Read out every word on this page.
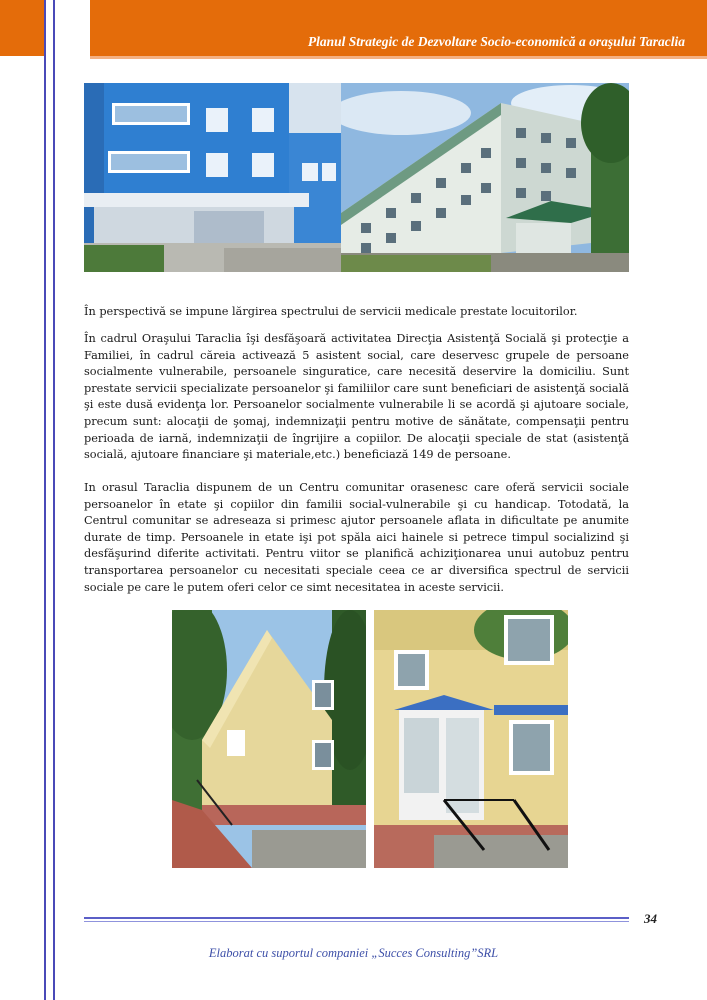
Planul Strategic de Dezvoltare Socio-economică a oraşului Taraclia

În perspectivă se impune lărgirea spectrului de servicii medicale prestate locuitorilor.

În cadrul Oraşului Taraclia îşi desfăşoară activitatea Direcţia Asistenţă Socială şi protecţie a Familiei, în cadrul căreia activează 5 asistent social, care deservesc grupele de persoane socialmente vulnerabile, persoanele singuratice, care necesită deservire la domiciliu. Sunt prestate servicii specializate persoanelor şi familiilor care sunt beneficiari de asistenţă socială şi este dusă evidenţa lor. Persoanelor socialmente vulnerabile li se acordă şi ajutoare sociale, precum sunt: alocaţii de şomaj, indemnizaţii pentru motive de sănătate, compensaţii pentru perioada de iarnă, indemnizaţii de îngrijire a copiilor. De alocaţii speciale de stat (asistenţă socială, ajutoare financiare şi materiale,etc.) beneficiază 149 de persoane.

In orasul Taraclia dispunem de un Centru comunitar orasenesc care oferă servicii sociale persoanelor în etate şi copiilor din familii social-vulnerabile şi cu handicap. Totodată, la Centrul comunitar se adreseaza si primesc ajutor persoanele aflata in dificultate pe anumite durate de timp. Persoanele in etate işi pot spăla aici hainele si petrece timpul socializind şi desfăşurind diferite activitati. Pentru viitor se planifică achiziţionarea unui autobuz pentru transportarea persoanelor cu necesitati speciale ceea ce ar diversifica spectrul de servicii sociale pe care le putem oferi celor ce simt necesitatea in aceste servicii.

34
Elaborat cu suportul companiei „Succes Consulting”SRL
